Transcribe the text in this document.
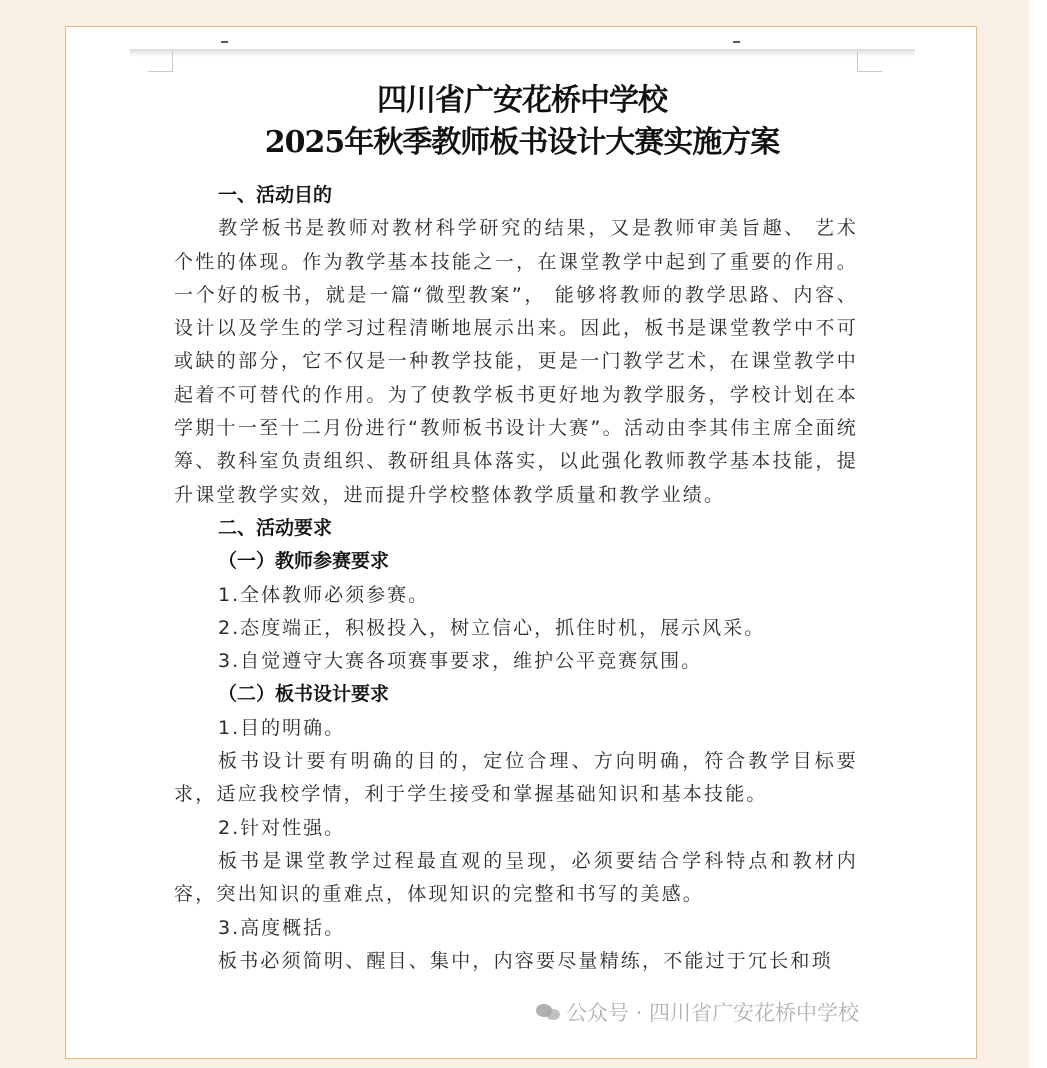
四川省广安花桥中学校
2025年秋季教师板书设计大赛实施方案

一、活动目的

教学板书是教师对教材科学研究的结果，又是教师审美旨趣、 艺术个性的体现。作为教学基本技能之一，在课堂教学中起到了重要的作用。一个好的板书，就是一篇“微型教案”， 能够将教师的教学思路、内容、设计以及学生的学习过程清晰地展示出来。因此，板书是课堂教学中不可或缺的部分，它不仅是一种教学技能，更是一门教学艺术，在课堂教学中起着不可替代的作用。为了使教学板书更好地为教学服务，学校计划在本学期十一至十二月份进行“教师板书设计大赛”。活动由李其伟主席全面统筹、教科室负责组织、教研组具体落实，以此强化教师教学基本技能，提升课堂教学实效，进而提升学校整体教学质量和教学业绩。

二、活动要求

（一）教师参赛要求

1.全体教师必须参赛。

2.态度端正，积极投入，树立信心，抓住时机，展示风采。

3.自觉遵守大赛各项赛事要求，维护公平竞赛氛围。

（二）板书设计要求

1.目的明确。

板书设计要有明确的目的，定位合理、方向明确，符合教学目标要求，适应我校学情，利于学生接受和掌握基础知识和基本技能。

2.针对性强。

板书是课堂教学过程最直观的呈现，必须要结合学科特点和教材内容，突出知识的重难点，体现知识的完整和书写的美感。

3.高度概括。

板书必须简明、醒目、集中，内容要尽量精练，不能过于冗长和琐

公众号 · 四川省广安花桥中学校
